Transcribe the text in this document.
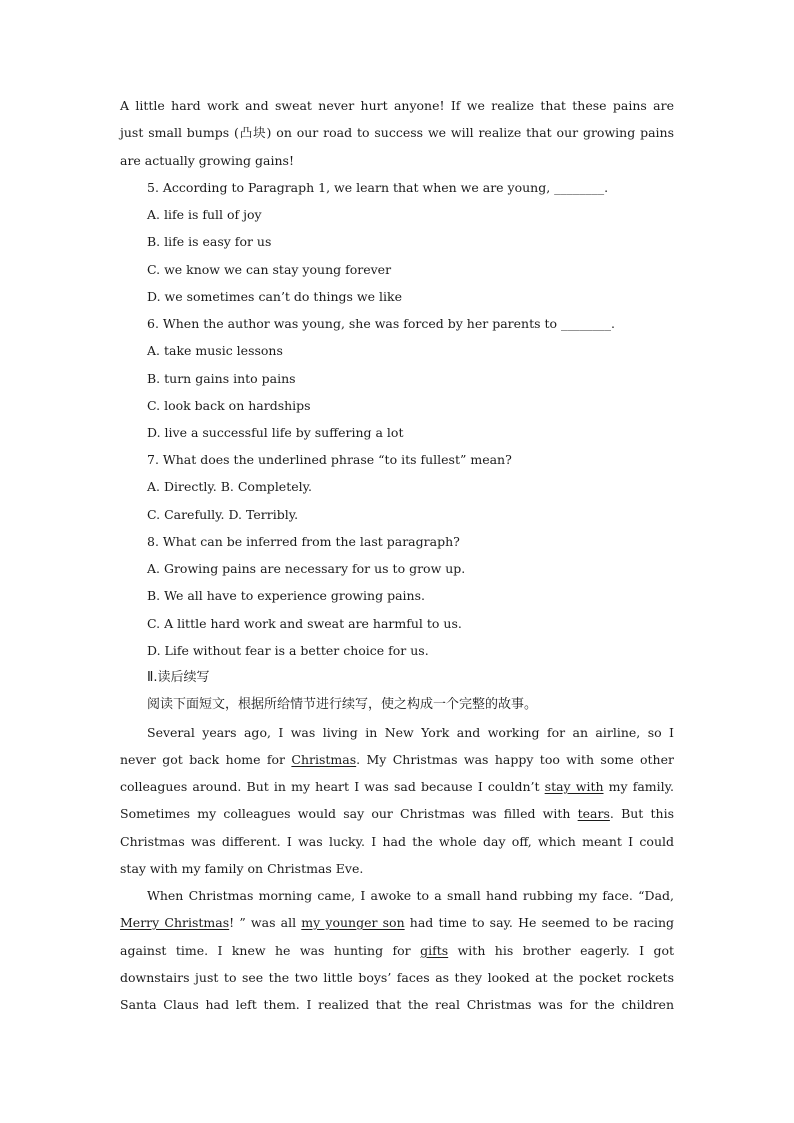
A little hard work and sweat never hurt anyone! If we realize that these pains are
just small bumps (凸块) on our road to success we will realize that our growing pains
are actually growing gains!
5. According to Paragraph 1, we learn that when we are young, ________.
A. life is full of joy
B. life is easy for us
C. we know we can stay young forever
D. we sometimes can’t do things we like
6. When the author was young, she was forced by her parents to ________.
A. take music lessons
B. turn gains into pains
C. look back on hardships
D. live a successful life by suffering a lot
7. What does the underlined phrase “to its fullest” mean?
A. Directly. B. Completely.
C. Carefully. D. Terribly.
8. What can be inferred from the last paragraph?
A. Growing pains are necessary for us to grow up.
B. We all have to experience growing pains.
C. A little hard work and sweat are harmful to us.
D. Life without fear is a better choice for us.
Ⅱ.读后续写
阅读下面短文，根据所给情节进行续写，使之构成一个完整的故事。
Several years ago, I was living in New York and working for an airline, so I
never got back home for Christmas. My Christmas was happy too with some other
colleagues around. But in my heart I was sad because I couldn’t stay with my family.
Sometimes my colleagues would say our Christmas was filled with tears. But this
Christmas was different. I was lucky. I had the whole day off, which meant I could
stay with my family on Christmas Eve.
When Christmas morning came, I awoke to a small hand rubbing my face. “Dad,
Merry Christmas! ” was all my younger son had time to say. He seemed to be racing
against time. I knew he was hunting for gifts with his brother eagerly. I got
downstairs just to see the two little boys’ faces as they looked at the pocket rockets
Santa Claus had left them. I realized that the real Christmas was for the children
